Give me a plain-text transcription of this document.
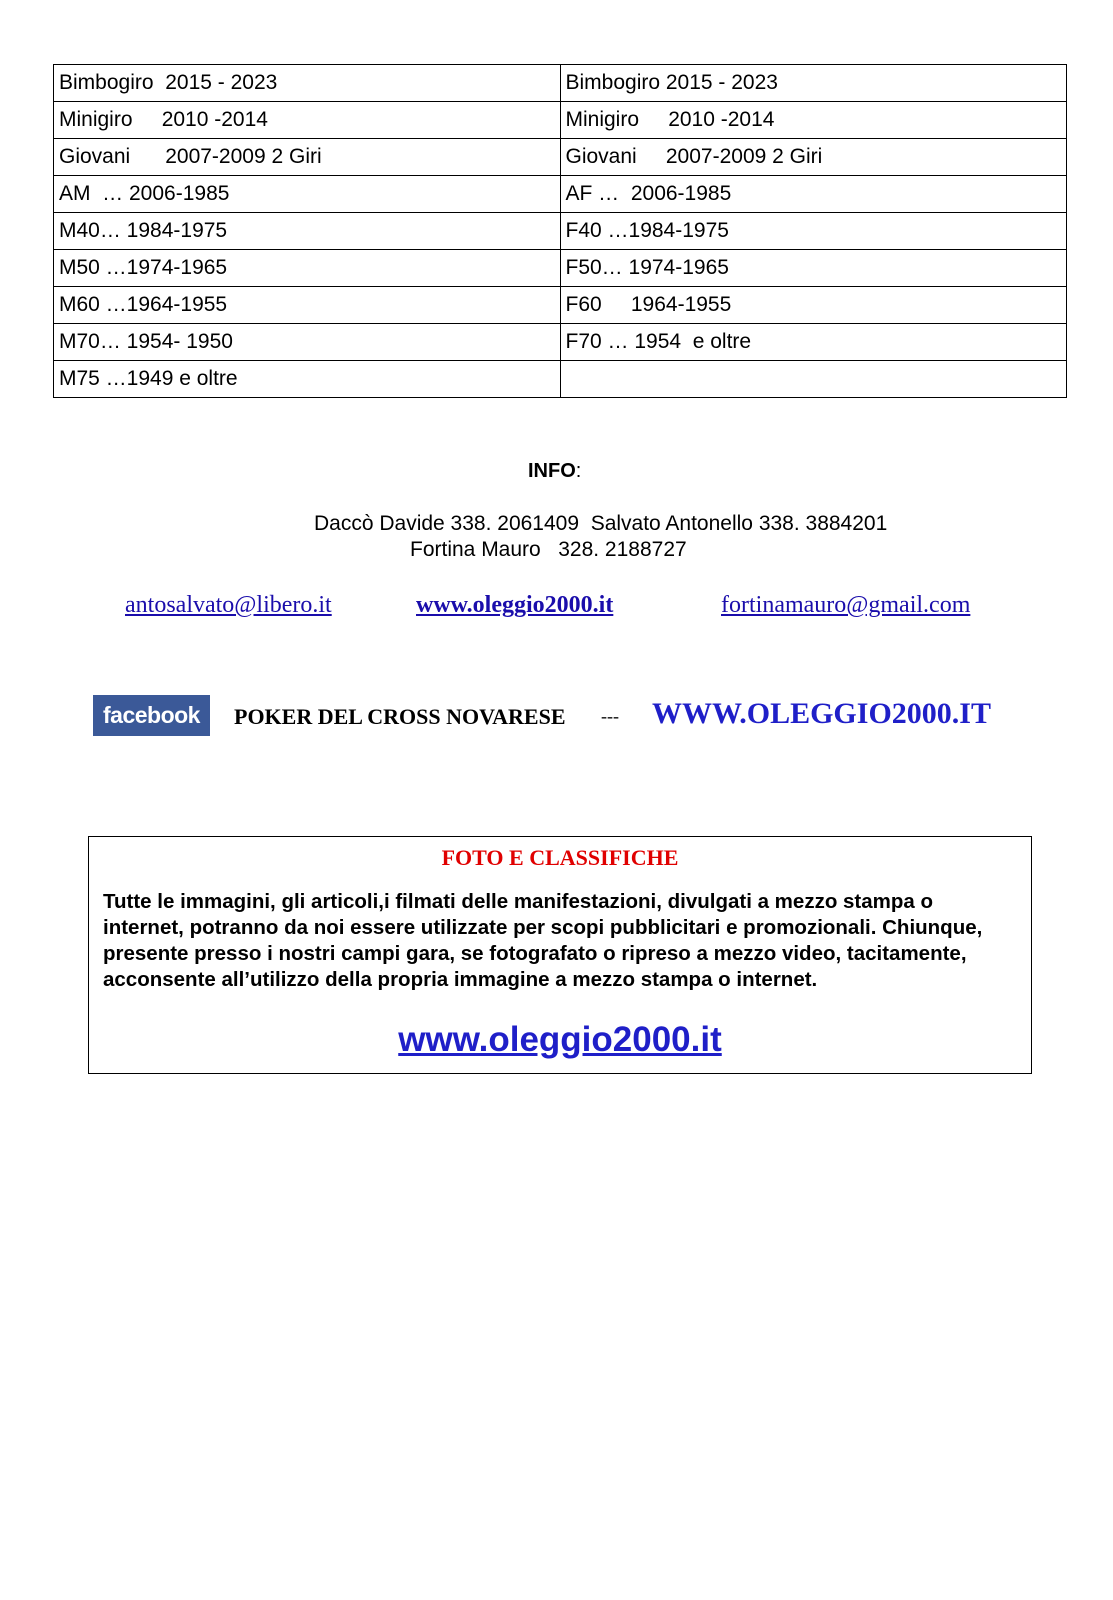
Bimbogiro  2015 - 2023	Bimbogiro 2015 - 2023
Minigiro     2010 -2014	Minigiro     2010 -2014
Giovani      2007-2009 2 Giri	Giovani     2007-2009 2 Giri
AM  … 2006-1985	AF …  2006-1985
M40… 1984-1975	F40 …1984-1975
M50 …1974-1965	F50… 1974-1965
M60 …1964-1955	F60     1964-1955
M70… 1954- 1950	F70 … 1954  e oltre
M75 …1949 e oltre	
INFO:
Daccò Davide 338. 2061409  Salvato Antonello 338. 3884201
Fortina Mauro   328. 2188727
antosalvato@libero.it	www.oleggio2000.it	fortinamauro@gmail.com
facebook	POKER DEL CROSS NOVARESE --- WWW.OLEGGIO2000.IT
FOTO E CLASSIFICHE
Tutte le immagini, gli articoli,i filmati delle manifestazioni, divulgati a mezzo stampa o internet, potranno da noi essere utilizzate per scopi pubblicitari e promozionali. Chiunque, presente presso i nostri campi gara, se fotografato o ripreso a mezzo video, tacitamente, acconsente all’utilizzo della propria immagine a mezzo stampa o internet.
www.oleggio2000.it
